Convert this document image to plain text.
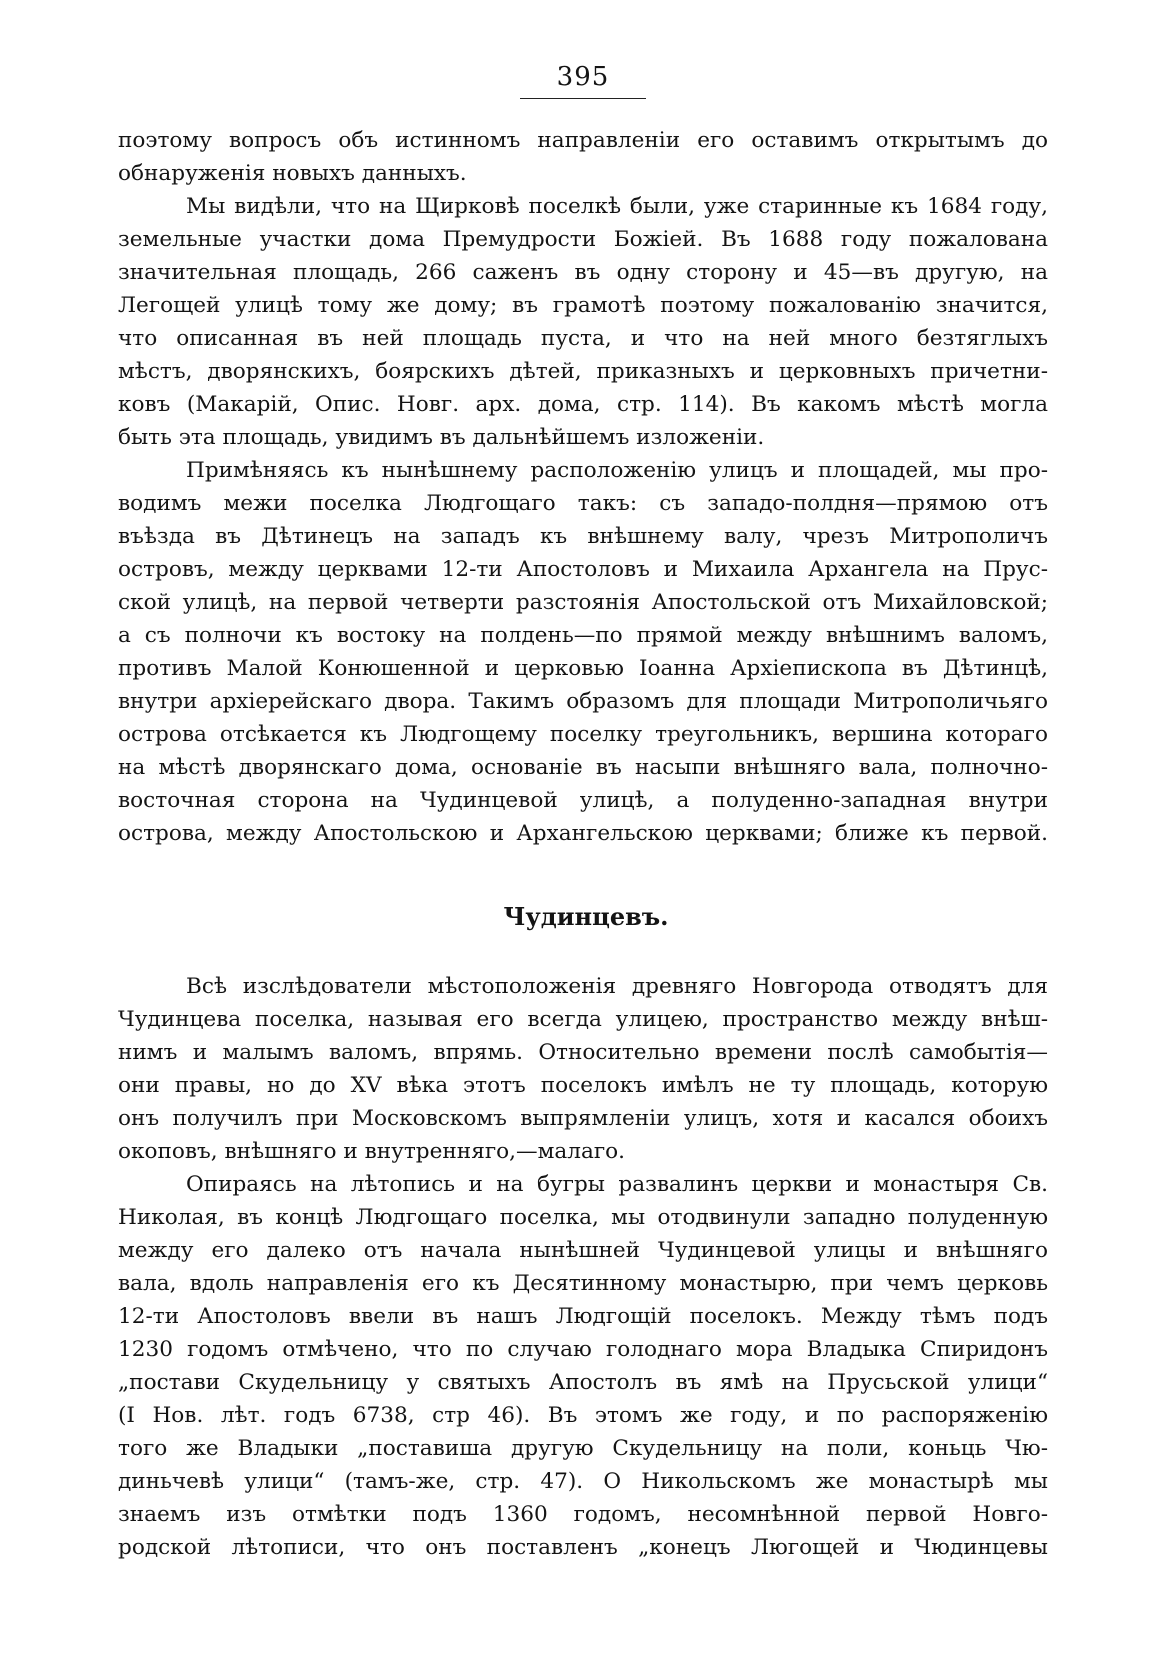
395
поэтому вопросъ объ истинномъ направленіи его оставимъ открытымъ до
обнаруженія новыхъ данныхъ.
Мы видѣли, что на Щирковѣ поселкѣ были, уже старинные къ 1684 году,
земельные участки дома Премудрости Божіей. Въ 1688 году пожалована
значительная площадь, 266 саженъ въ одну сторону и 45—въ другую, на
Легощей улицѣ тому же дому; въ грамотѣ поэтому пожалованію значится,
что описанная въ ней площадь пуста, и что на ней много безтяглыхъ
мѣстъ, дворянскихъ, боярскихъ дѣтей, приказныхъ и церковныхъ причетни-
ковъ (Макарій, Опис. Новг. арх. дома, стр. 114). Въ какомъ мѣстѣ могла
быть эта площадь, увидимъ въ дальнѣйшемъ изложеніи.
Примѣняясь къ нынѣшнему расположенію улицъ и площадей, мы про-
водимъ межи поселка Людгощаго такъ: съ западо-полдня—прямою отъ
въѣзда въ Дѣтинецъ на западъ къ внѣшнему валу, чрезъ Митрополичъ
островъ, между церквами 12-ти Апостоловъ и Михаила Архангела на Прус-
ской улицѣ, на первой четверти разстоянія Апостольской отъ Михайловской;
а съ полночи къ востоку на полдень—по прямой между внѣшнимъ валомъ,
противъ Малой Конюшенной и церковью Іоанна Архіепископа въ Дѣтинцѣ,
внутри архіерейскаго двора. Такимъ образомъ для площади Митрополичьяго
острова отсѣкается къ Людгощему поселку треугольникъ, вершина котораго
на мѣстѣ дворянскаго дома, основаніе въ насыпи внѣшняго вала, полночно-
восточная сторона на Чудинцевой улицѣ, а полуденно-западная внутри
острова, между Апостольскою и Архангельскою церквами; ближе къ первой.
Чудинцевъ.
Всѣ изслѣдователи мѣстоположенія древняго Новгорода отводятъ для
Чудинцева поселка, называя его всегда улицею, пространство между внѣш-
нимъ и малымъ валомъ, впрямь. Относительно времени послѣ самобытія—
они правы, но до XV вѣка этотъ поселокъ имѣлъ не ту площадь, которую
онъ получилъ при Московскомъ выпрямленіи улицъ, хотя и касался обоихъ
окоповъ, внѣшняго и внутренняго,—малаго.
Опираясь на лѣтопись и на бугры развалинъ церкви и монастыря Св.
Николая, въ концѣ Людгощаго поселка, мы отодвинули западно полуденную
между его далеко отъ начала нынѣшней Чудинцевой улицы и внѣшняго
вала, вдоль направленія его къ Десятинному монастырю, при чемъ церковь
12-ти Апостоловъ ввели въ нашъ Людгощій поселокъ. Между тѣмъ подъ
1230 годомъ отмѣчено, что по случаю голоднаго мора Владыка Спиридонъ
„постави Скудельницу у святыхъ Апостолъ въ ямѣ на Прусьской улици“
(I Нов. лѣт. годъ 6738, стр 46). Въ этомъ же году, и по распоряженію
того же Владыки „поставиша другую Скудельницу на поли, коньць Чю-
диньчевѣ улици“ (тамъ-же, стр. 47). О Никольскомъ же монастырѣ мы
знаемъ изъ отмѣтки подъ 1360 годомъ, несомнѣнной первой Новго-
родской лѣтописи, что онъ поставленъ „конецъ Люгощей и Чюдинцевы
